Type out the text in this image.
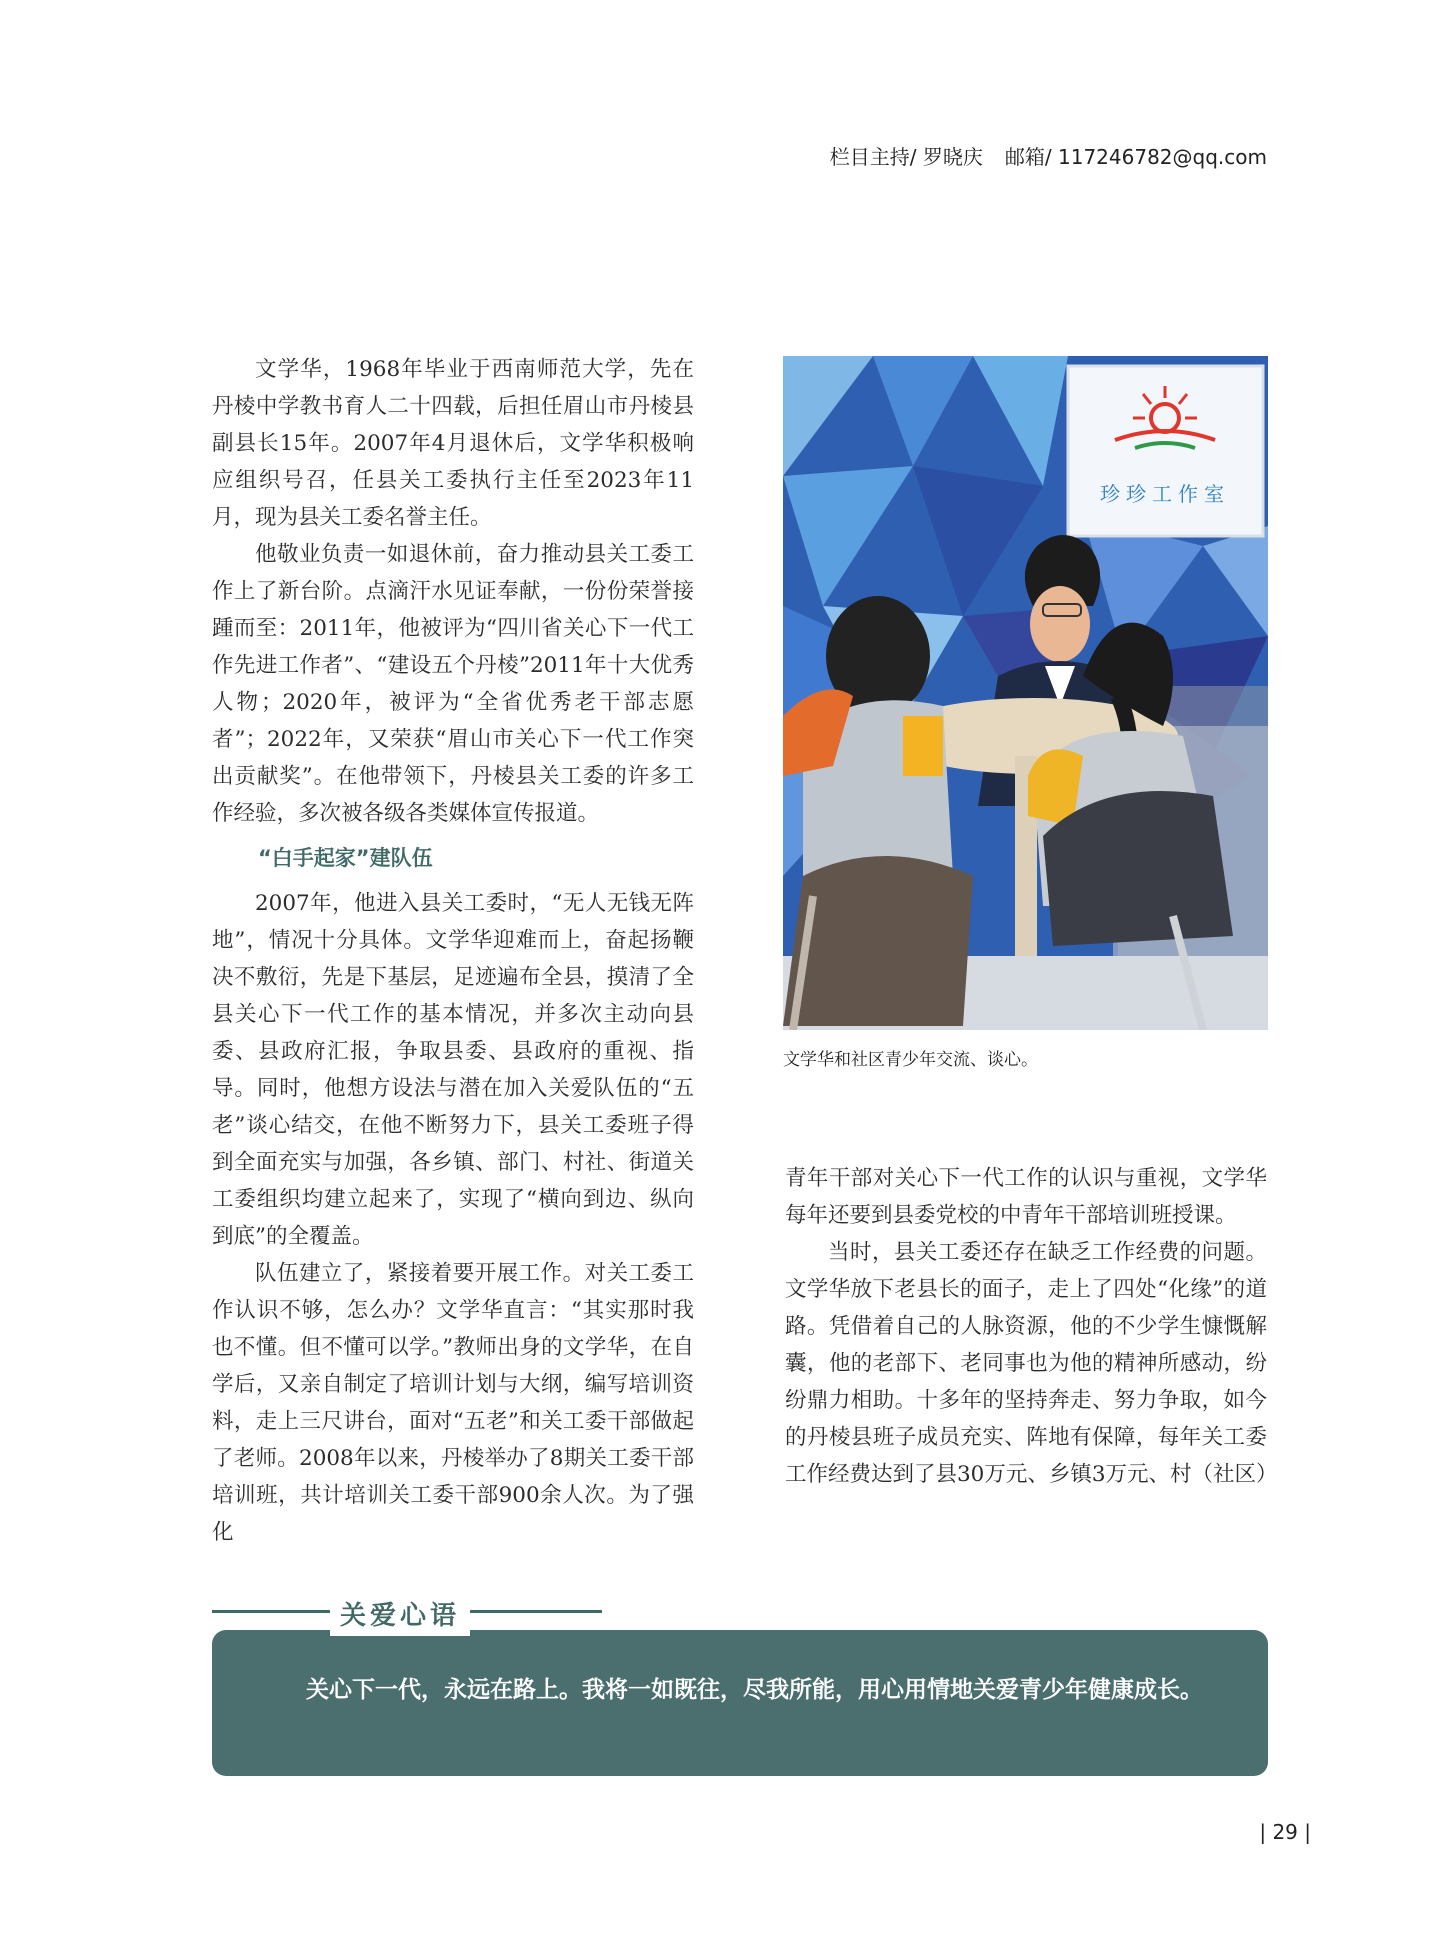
栏目主持/ 罗晓庆 邮箱/ 117246782@qq.com

文学华，1968年毕业于西南师范大学，先在丹棱中学教书育人二十四载，后担任眉山市丹棱县副县长15年。2007年4月退休后，文学华积极响应组织号召，任县关工委执行主任至2023年11月，现为县关工委名誉主任。

他敬业负责一如退休前，奋力推动县关工委工作上了新台阶。点滴汗水见证奉献，一份份荣誉接踵而至：2011年，他被评为“四川省关心下一代工作先进工作者”、“建设五个丹棱”2011年十大优秀人物；2020年，被评为“全省优秀老干部志愿者”；2022年，又荣获“眉山市关心下一代工作突出贡献奖”。在他带领下，丹棱县关工委的许多工作经验，多次被各级各类媒体宣传报道。

“白手起家”建队伍

2007年，他进入县关工委时，“无人无钱无阵地”，情况十分具体。文学华迎难而上，奋起扬鞭决不敷衍，先是下基层，足迹遍布全县，摸清了全县关心下一代工作的基本情况，并多次主动向县委、县政府汇报，争取县委、县政府的重视、指导。同时，他想方设法与潜在加入关爱队伍的“五老”谈心结交，在他不断努力下，县关工委班子得到全面充实与加强，各乡镇、部门、村社、街道关工委组织均建立起来了，实现了“横向到边、纵向到底”的全覆盖。

队伍建立了，紧接着要开展工作。对关工委工作认识不够，怎么办？文学华直言：“其实那时我也不懂。但不懂可以学。”教师出身的文学华，在自学后，又亲自制定了培训计划与大纲，编写培训资料，走上三尺讲台，面对“五老”和关工委干部做起了老师。2008年以来，丹棱举办了8期关工委干部培训班，共计培训关工委干部900余人次。为了强化

珍珍工作室
文学华和社区青少年交流、谈心。

青年干部对关心下一代工作的认识与重视，文学华每年还要到县委党校的中青年干部培训班授课。

当时，县关工委还存在缺乏工作经费的问题。文学华放下老县长的面子，走上了四处“化缘”的道路。凭借着自己的人脉资源，他的不少学生慷慨解囊，他的老部下、老同事也为他的精神所感动，纷纷鼎力相助。十多年的坚持奔走、努力争取，如今的丹棱县班子成员充实、阵地有保障，每年关工委工作经费达到了县30万元、乡镇3万元、村（社区）

关心下一代，永远在路上。我将一如既往，尽我所能，用心用情地关爱青少年健康成长。
关爱心语
| 29 |
